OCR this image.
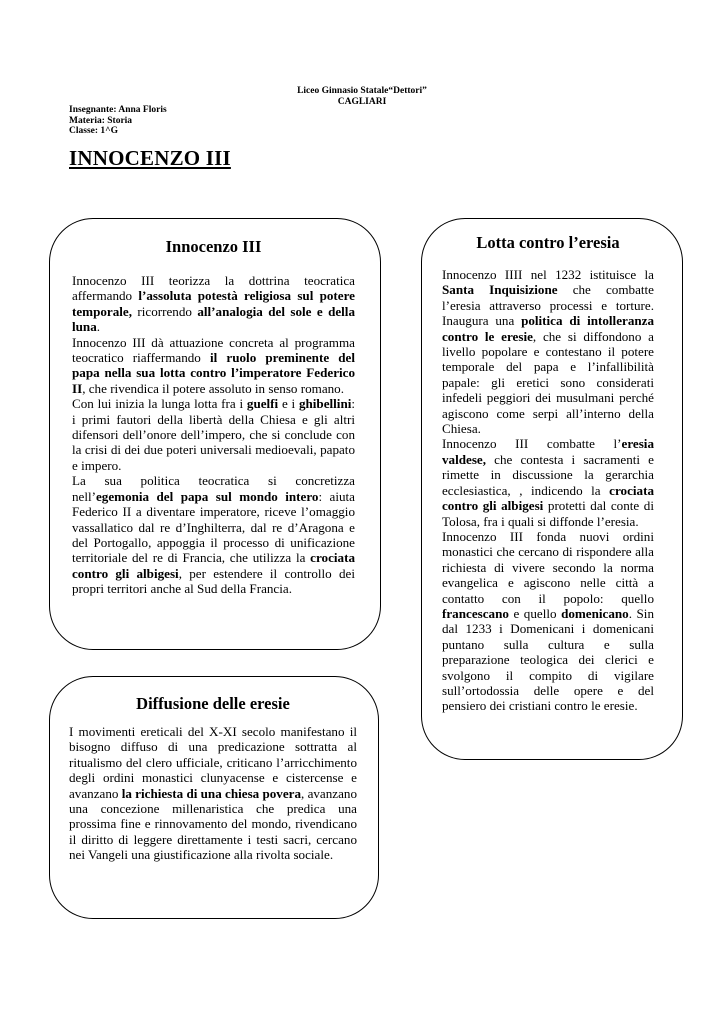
Liceo Ginnasio Statale“Dettori”
CAGLIARI
Insegnante: Anna Floris
Materia: Storia
Classe: 1^G
INNOCENZO III
Innocenzo III

Innocenzo III teorizza la dottrina teocratica affermando l’assoluta potestà religiosa sul potere temporale, ricorrendo all’analogia del sole e della luna.

Innocenzo III dà attuazione concreta al programma teocratico riaffermando il ruolo preminente del papa nella sua lotta contro l’imperatore Federico II, che rivendica il potere assoluto in senso romano.

Con lui inizia la lunga lotta fra i guelfi e i ghibellini: i primi fautori della libertà della Chiesa e gli altri difensori dell’onore dell’impero, che si conclude con la crisi di dei due poteri universali medioevali, papato e impero.

La sua politica teocratica si concretizza nell’egemonia del papa sul mondo intero: aiuta Federico II a diventare imperatore, riceve l’omaggio vassallatico dal re d’Inghilterra, dal re d’Aragona e del Portogallo, appoggia il processo di unificazione territoriale del re di Francia, che utilizza la crociata contro gli albigesi, per estendere il controllo dei propri territori anche al Sud della Francia.

Lotta contro l’eresia

Innocenzo IIII nel 1232 istituisce la Santa Inquisizione che combatte l’eresia attraverso processi e torture. Inaugura una politica di intolleranza contro le eresie, che si diffondono a livello popolare e contestano il potere temporale del papa e l’infallibilità papale: gli eretici sono considerati infedeli peggiori dei musulmani perché agiscono come serpi all’interno della Chiesa.

Innocenzo III combatte l’eresia valdese, che contesta i sacramenti e rimette in discussione la gerarchia ecclesiastica, , indicendo la crociata contro gli albigesi protetti dal conte di Tolosa, fra i quali si diffonde l’eresia.

Innocenzo III fonda nuovi ordini monastici che cercano di rispondere alla richiesta di vivere secondo la norma evangelica e agiscono nelle città a contatto con il popolo: quello francescano e quello domenicano. Sin dal 1233 i Domenicani i domenicani puntano sulla cultura e sulla preparazione teologica dei clerici e svolgono il compito di vigilare sull’ortodossia delle opere e del pensiero dei cristiani contro le eresie.

Diffusione delle eresie

I movimenti ereticali del X-XI secolo manifestano il bisogno diffuso di una predicazione sottratta al ritualismo del clero ufficiale, criticano l’arricchimento degli ordini monastici clunyacense e cistercense e avanzano la richiesta di una chiesa povera, avanzano una concezione millenaristica che predica una prossima fine e rinnovamento del mondo, rivendicano il diritto di leggere direttamente i testi sacri, cercano nei Vangeli una giustificazione alla rivolta sociale.
